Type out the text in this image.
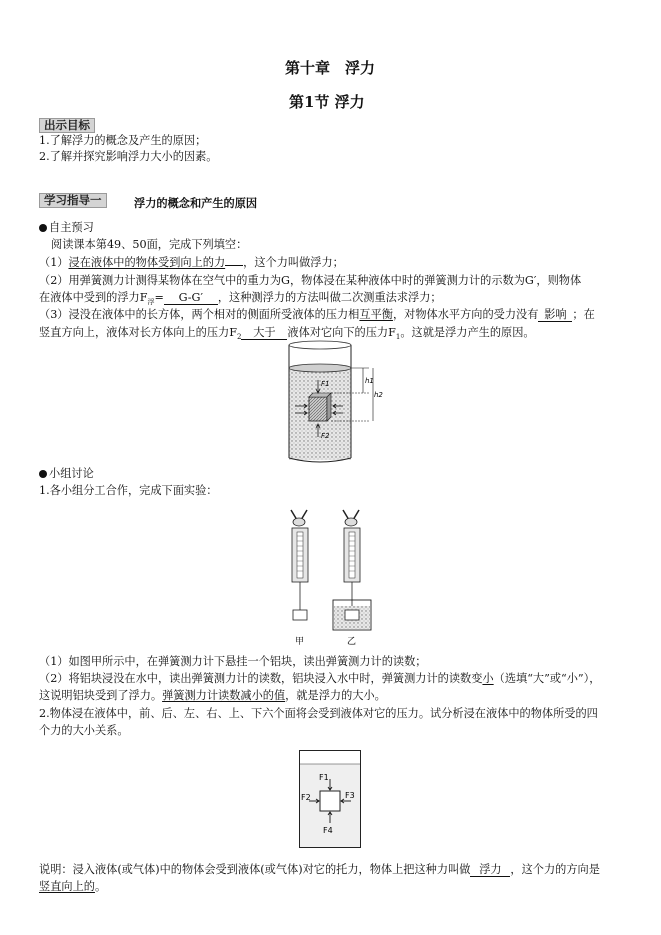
第十章　浮力
第1节 浮力
出示目标
1.了解浮力的概念及产生的原因；
2.了解并探究影响浮力大小的因素。
学习指导一	浮力的概念和产生的原因
自主预习
阅读课本第49、50面，完成下列填空：
（1）浸在液体中的物体受到向上的力 ，这个力叫做浮力；
（2）用弹簧测力计测得某物体在空气中的重力为G，物体浸在某种液体中时的弹簧测力计的示数为G′，则物体
在液体中受到的浮力$F_浮= G-G'$ ，这种测浮力的方法叫做二次测重法求浮力；
（3）浸没在液体中的长方体，两个相对的侧面所受液体的压力相互平衡，对物体水平方向的受力没有 影响 ；在
竖直方向上，液体对长方体向上的压力$F_2$ 大于 液体对它向下的压力$F_1$。这就是浮力产生的原因。
F1
F2
h1
h2
小组讨论
1.各小组分工合作，完成下面实验：
甲	乙
（1）如图甲所示中，在弹簧测力计下悬挂一个铝块，读出弹簧测力计的读数；
（2）将铝块浸没在水中，读出弹簧测力计的读数，铝块浸入水中时，弹簧测力计的读数变小（选填“大”或“小”），
这说明铝块受到了浮力。弹簧测力计读数减小的值，就是浮力的大小。
2.物体浸在液体中，前、后、左、右、上、下六个面将会受到液体对它的压力。试分析浸在液体中的物体所受的四
个力的大小关系。
F1
F2	F3
F4
说明：浸入液体(或气体)中的物体会受到液体(或气体)对它的托力，物体上把这种力叫做 浮力 ，这个力的方向是
竖直向上的。
